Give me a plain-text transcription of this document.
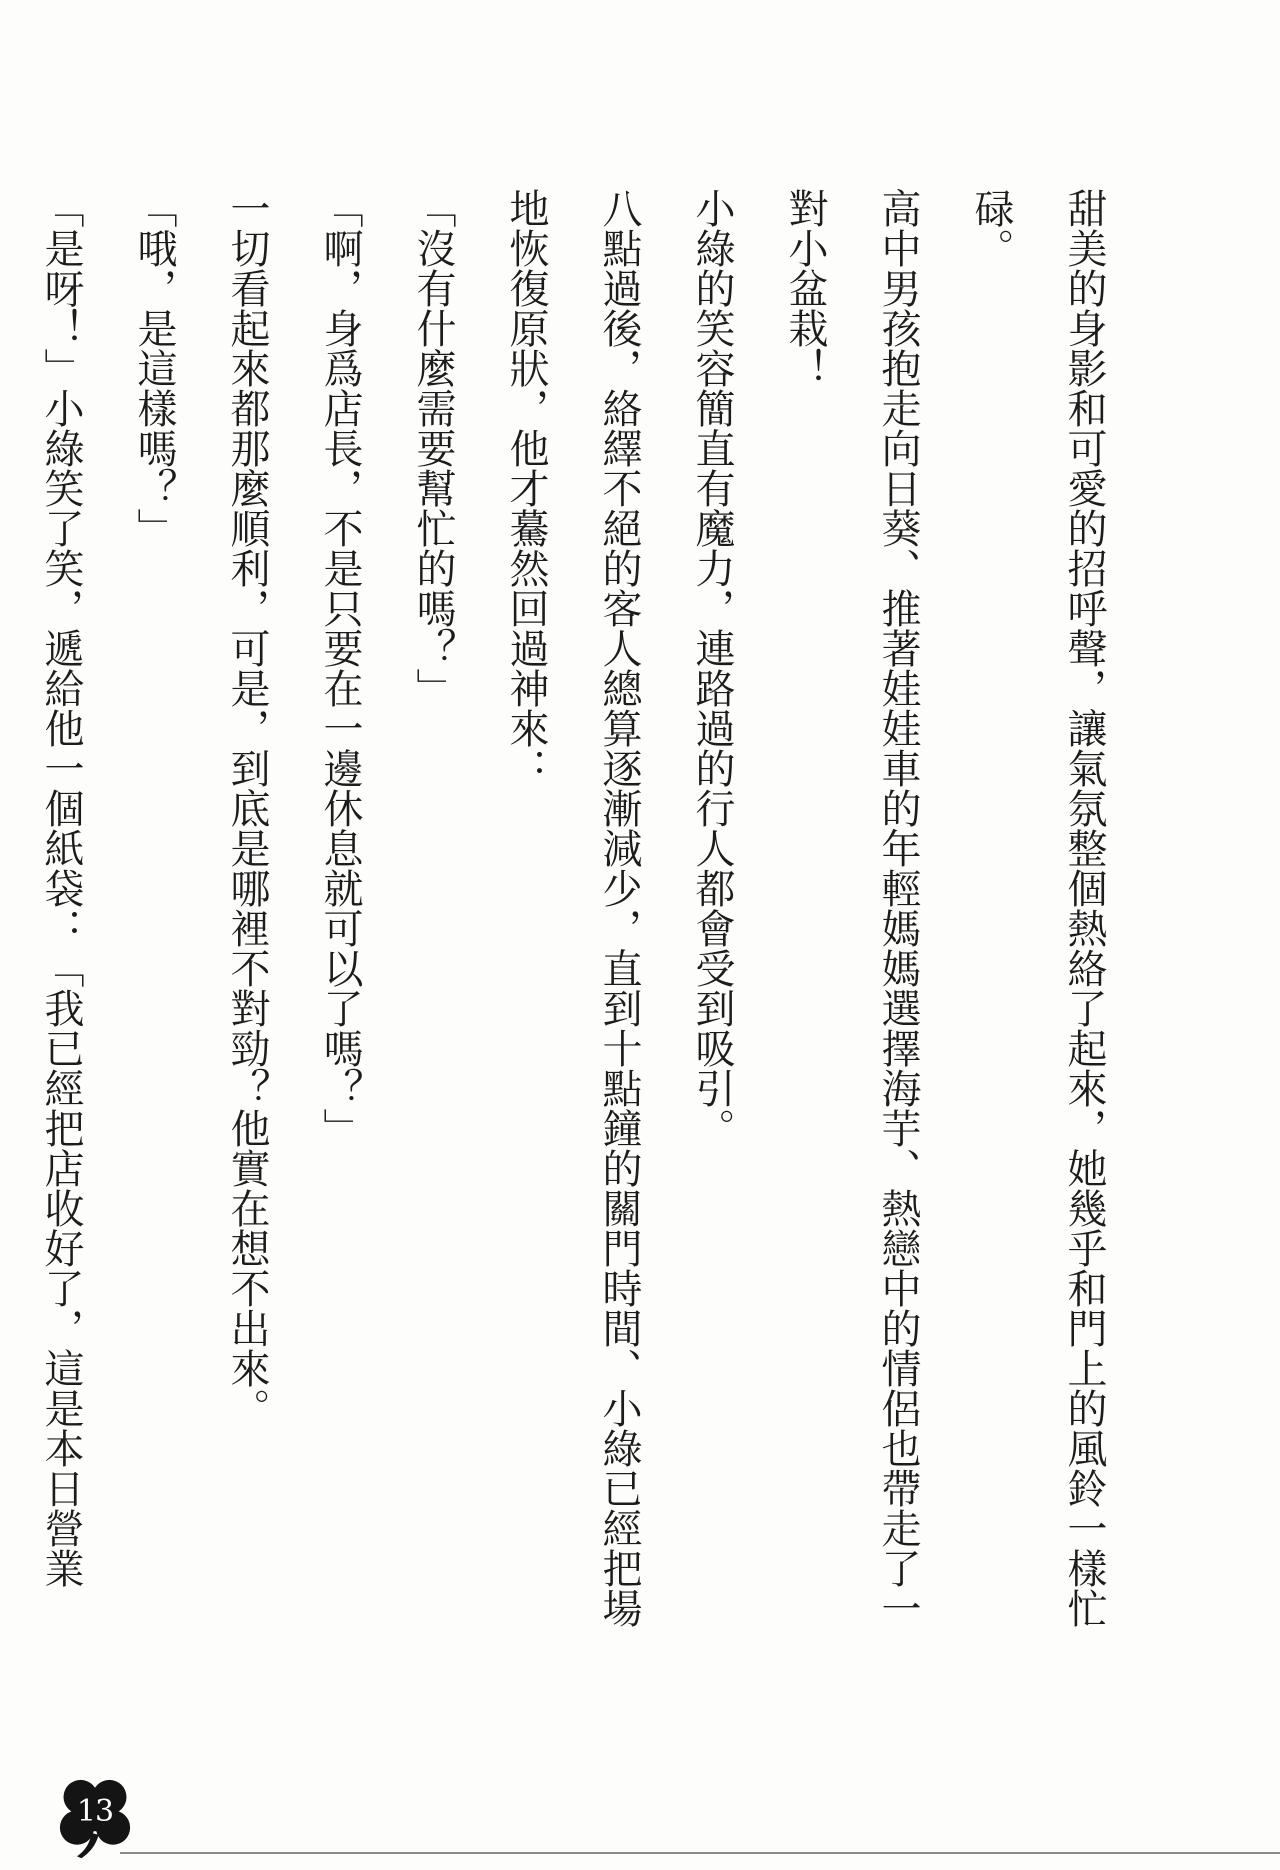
甜美的身影和可愛的招呼聲，讓氣氛整個熱絡了起來，她幾乎和門上的風鈴一樣忙碌。

高中男孩抱走向日葵、推著娃娃車的年輕媽媽選擇海芋、熱戀中的情侶也帶走了一對小盆栽！

小綠的笑容簡直有魔力，連路過的行人都會受到吸引。

八點過後，絡繹不絕的客人總算逐漸減少，直到十點鐘的關門時間、小綠已經把場地恢復原狀，他才驀然回過神來：

「沒有什麼需要幫忙的嗎？」

「啊，身爲店長，不是只要在一邊休息就可以了嗎？」

一切看起來都那麼順利，可是，到底是哪裡不對勁？他實在想不出來。

「哦，是這樣嗎？」

「是呀！」小綠笑了笑，遞給他一個紙袋：「我已經把店收好了，這是本日營業

13
